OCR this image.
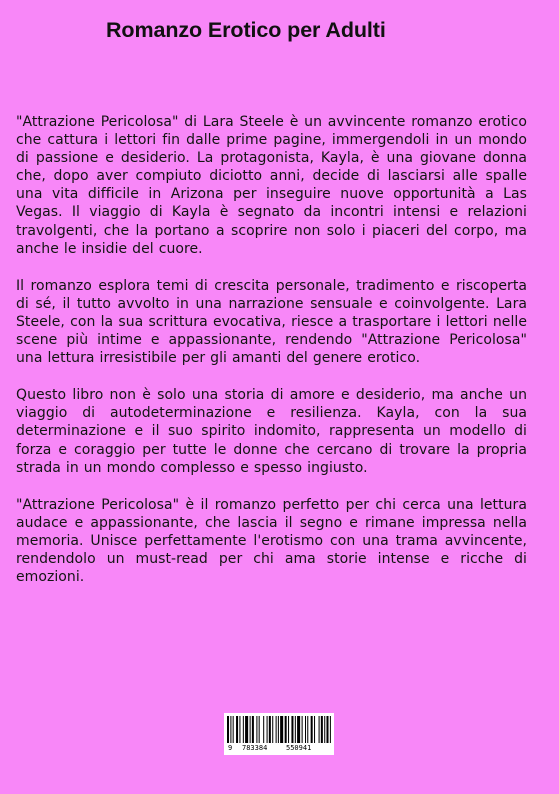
Romanzo Erotico per Adulti

"Attrazione Pericolosa" di Lara Steele è un avvincente romanzo erotico che cattura i lettori fin dalle prime pagine, immergendoli in un mondo di passione e desiderio. La protagonista, Kayla, è una giovane donna che, dopo aver compiuto diciotto anni, decide di lasciarsi alle spalle una vita difficile in Arizona per inseguire nuove opportunità a Las Vegas. Il viaggio di Kayla è segnato da incontri intensi e relazioni travolgenti, che la portano a scoprire non solo i piaceri del corpo, ma anche le insidie del cuore.

Il romanzo esplora temi di crescita personale, tradimento e riscoperta di sé, il tutto avvolto in una narrazione sensuale e coinvolgente. Lara Steele, con la sua scrittura evocativa, riesce a trasportare i lettori nelle scene più intime e appassionante, rendendo "Attrazione Pericolosa" una lettura irresistibile per gli amanti del genere erotico.

Questo libro non è solo una storia di amore e desiderio, ma anche un viaggio di autodeterminazione e resilienza. Kayla, con la sua determinazione e il suo spirito indomito, rappresenta un modello di forza e coraggio per tutte le donne che cercano di trovare la propria strada in un mondo complesso e spesso ingiusto.

"Attrazione Pericolosa" è il romanzo perfetto per chi cerca una lettura audace e appassionante, che lascia il segno e rimane impressa nella memoria. Unisce perfettamente l'erotismo con una trama avvincente, rendendolo un must-read per chi ama storie intense e ricche di emozioni.

9 783384	550941
